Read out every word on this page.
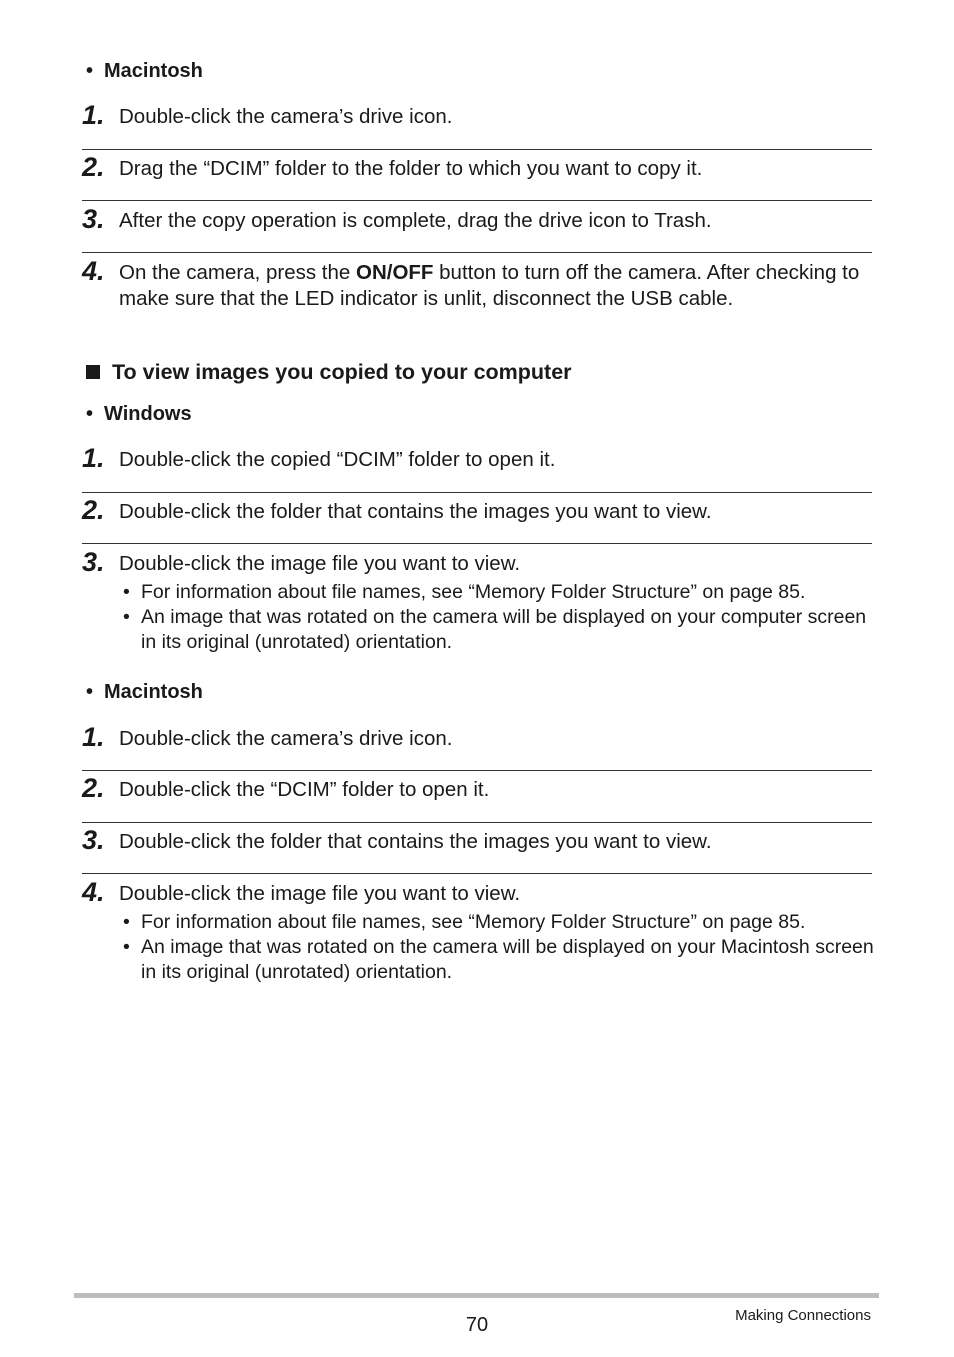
• Macintosh
1. Double-click the camera’s drive icon.
2. Drag the “DCIM” folder to the folder to which you want to copy it.
3. After the copy operation is complete, drag the drive icon to Trash.
4. On the camera, press the ON/OFF button to turn off the camera. After checking to make sure that the LED indicator is unlit, disconnect the USB cable.
To view images you copied to your computer
• Windows
1. Double-click the copied “DCIM” folder to open it.
2. Double-click the folder that contains the images you want to view.
3. Double-click the image file you want to view.
• For information about file names, see “Memory Folder Structure” on page 85.
• An image that was rotated on the camera will be displayed on your computer screen in its original (unrotated) orientation.
• Macintosh
1. Double-click the camera’s drive icon.
2. Double-click the “DCIM” folder to open it.
3. Double-click the folder that contains the images you want to view.
4. Double-click the image file you want to view.
• For information about file names, see “Memory Folder Structure” on page 85.
• An image that was rotated on the camera will be displayed on your Macintosh screen in its original (unrotated) orientation.
70	Making Connections
